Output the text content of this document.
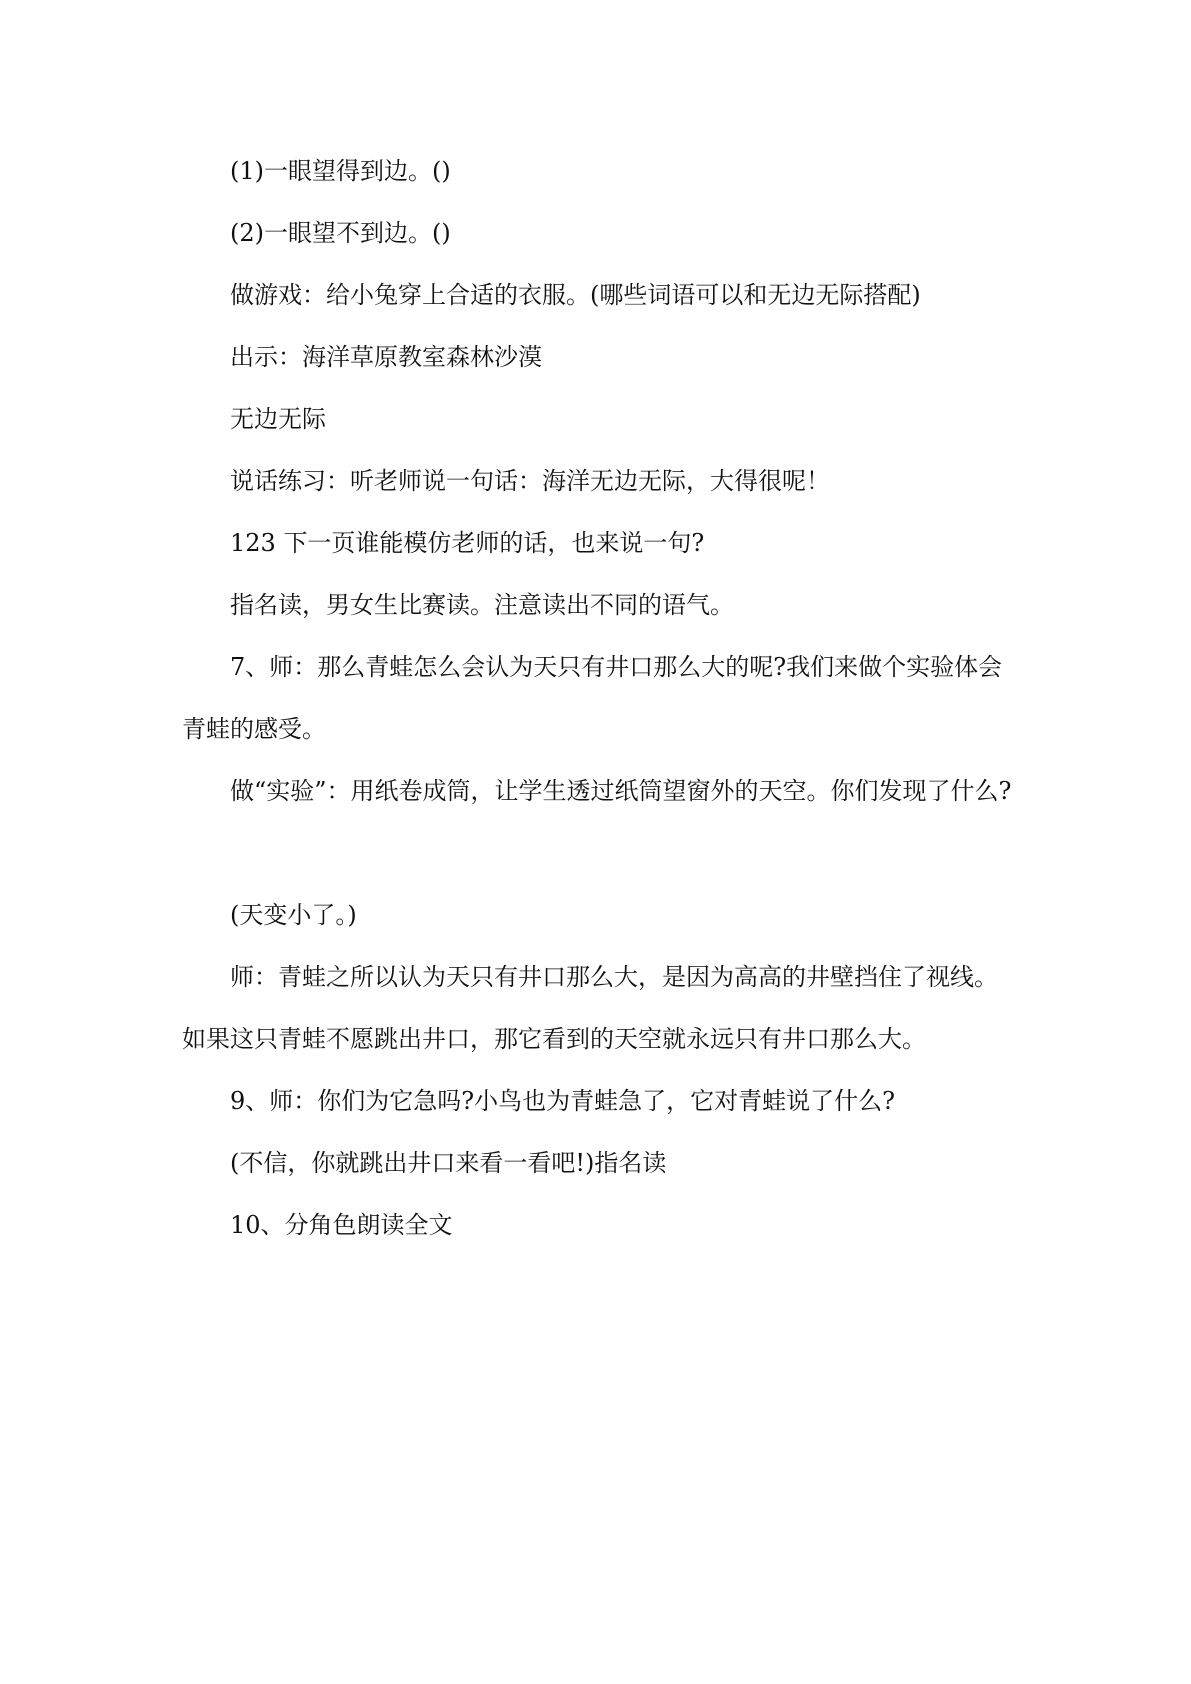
(1)一眼望得到边。()

(2)一眼望不到边。()

做游戏：给小兔穿上合适的衣服。(哪些词语可以和无边无际搭配)

出示：海洋草原教室森林沙漠

无边无际

说话练习：听老师说一句话：海洋无边无际，大得很呢！

123 下一页谁能模仿老师的话，也来说一句?

指名读，男女生比赛读。注意读出不同的语气。

7、师：那么青蛙怎么会认为天只有井口那么大的呢?我们来做个实验体会青蛙的感受。

做“实验”：用纸卷成筒，让学生透过纸筒望窗外的天空。你们发现了什么?

(天变小了。)

师：青蛙之所以认为天只有井口那么大，是因为高高的井壁挡住了视线。如果这只青蛙不愿跳出井口，那它看到的天空就永远只有井口那么大。

9、师：你们为它急吗?小鸟也为青蛙急了，它对青蛙说了什么?

(不信，你就跳出井口来看一看吧!)指名读

10、分角色朗读全文
